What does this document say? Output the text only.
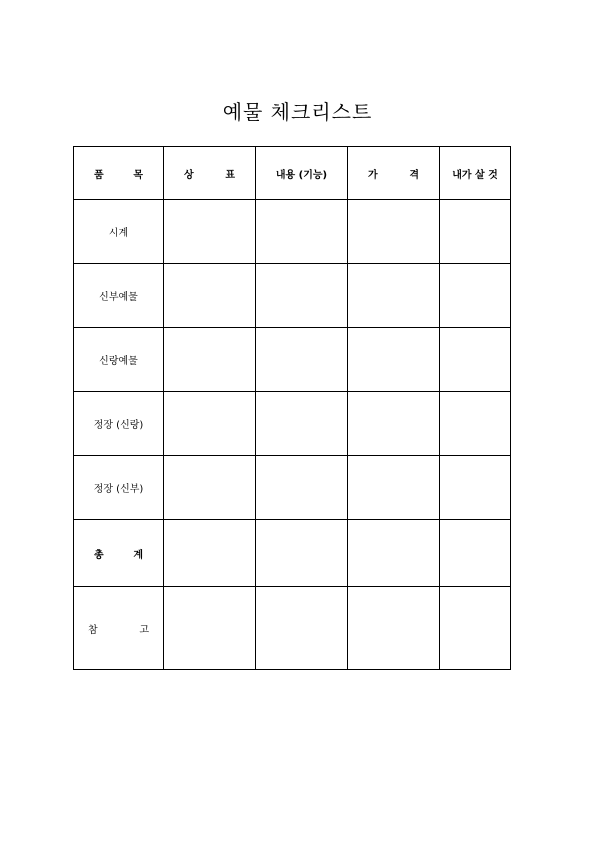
예물 체크리스트
품 목	상 표	내용 (기능)	가 격	내가 살 것
시계				
신부예물				
신랑예물				
정장 (신랑)				
정장 (신부)				

총 계				

참 고				
